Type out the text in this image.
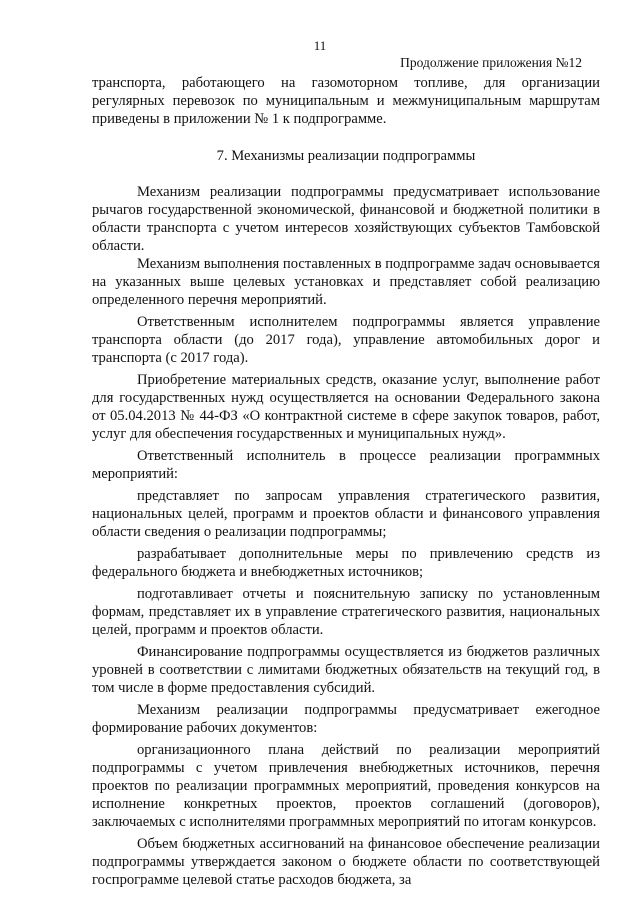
11
Продолжение приложения №12

транспорта, работающего на газомоторном топливе, для организации регулярных перевозок по муниципальным и межмуниципальным маршрутам приведены в приложении № 1 к подпрограмме.

7. Механизмы реализации подпрограммы

Механизм реализации подпрограммы предусматривает использование рычагов государственной экономической, финансовой и бюджетной политики в области транспорта с учетом интересов хозяйствующих субъектов Тамбовской области.

Механизм выполнения поставленных в подпрограмме задач основывается на указанных выше целевых установках и представляет собой реализацию определенного перечня мероприятий.

Ответственным исполнителем подпрограммы является управление транспорта области (до 2017 года), управление автомобильных дорог и транспорта (с 2017 года).

Приобретение материальных средств, оказание услуг, выполнение работ для государственных нужд осуществляется на основании Федерального закона от 05.04.2013 № 44-ФЗ «О контрактной системе в сфере закупок товаров, работ, услуг для обеспечения государственных и муниципальных нужд».

Ответственный исполнитель в процессе реализации программных мероприятий:

представляет по запросам управления стратегического развития, национальных целей, программ и проектов области и финансового управления области сведения о реализации подпрограммы;

разрабатывает дополнительные меры по привлечению средств из федерального бюджета и внебюджетных источников;

подготавливает отчеты и пояснительную записку по установленным формам, представляет их в управление стратегического развития, национальных целей, программ и проектов области.

Финансирование подпрограммы осуществляется из бюджетов различных уровней в соответствии с лимитами бюджетных обязательств на текущий год, в том числе в форме предоставления субсидий.

Механизм реализации подпрограммы предусматривает ежегодное формирование рабочих документов:

организационного плана действий по реализации мероприятий подпрограммы с учетом привлечения внебюджетных источников, перечня проектов по реализации программных мероприятий, проведения конкурсов на исполнение конкретных проектов, проектов соглашений (договоров), заключаемых с исполнителями программных мероприятий по итогам конкурсов.

Объем бюджетных ассигнований на финансовое обеспечение реализации подпрограммы утверждается законом о бюджете области по соответствующей госпрограмме целевой статье расходов бюджета, за
